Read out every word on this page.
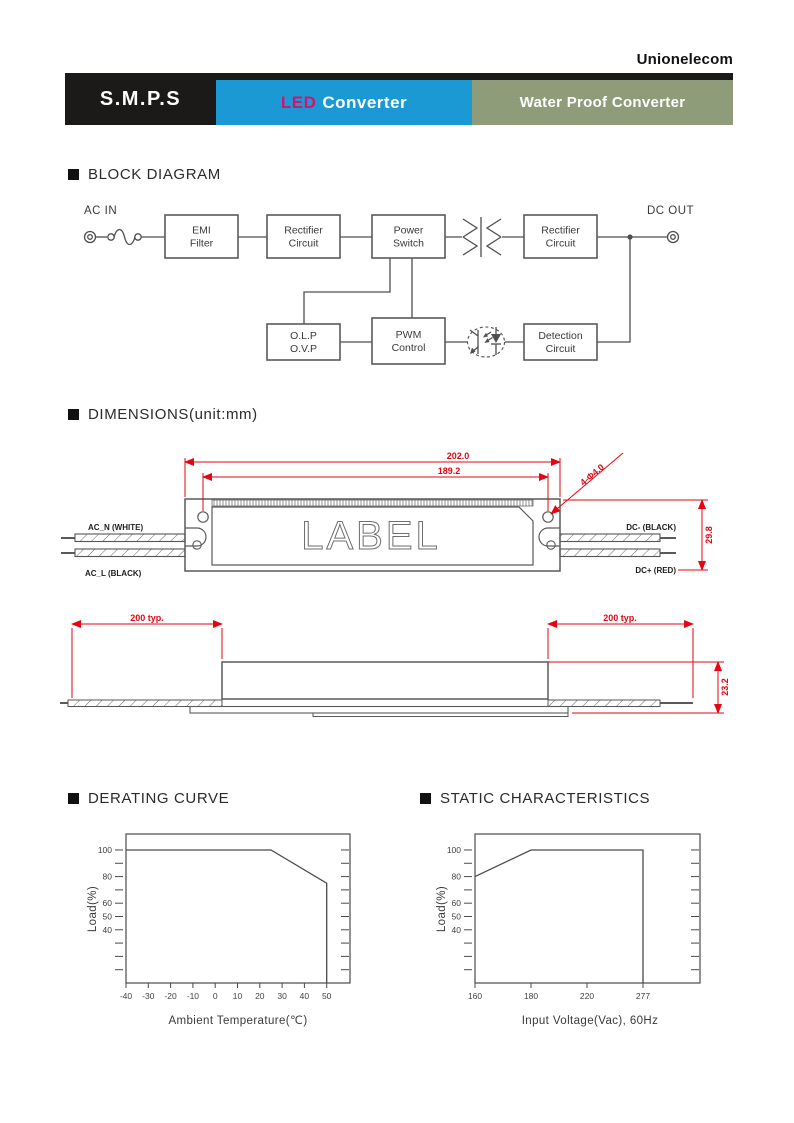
Unionelecom
S.M.P.S	LED Converter	Water Proof Converter
BLOCK DIAGRAM
AC IN	DC OUT
EMI
Filter
Rectifier
Circuit
Power
Switch
Rectifier
Circuit
O.L.P
O.V.P
PWM
Control
Detection
Circuit
DIMENSIONS(unit:mm)
LABEL
AC_N (WHITE)
AC_L (BLACK)
DC- (BLACK)
DC+ (RED)
202.0
189.2	4-Φ4.0
29.8
200 typ.	200 typ.
23.2
DERATING CURVE	STATIC CHARACTERISTICS
Load(%)
Ambient Temperature(℃)
100
80
60
50
40
-40 -30 -20 -10 0 10 20 30 40 50
Load(%)
Input Voltage(Vac), 60Hz
100
80
60
50
40
160	180	220	277
